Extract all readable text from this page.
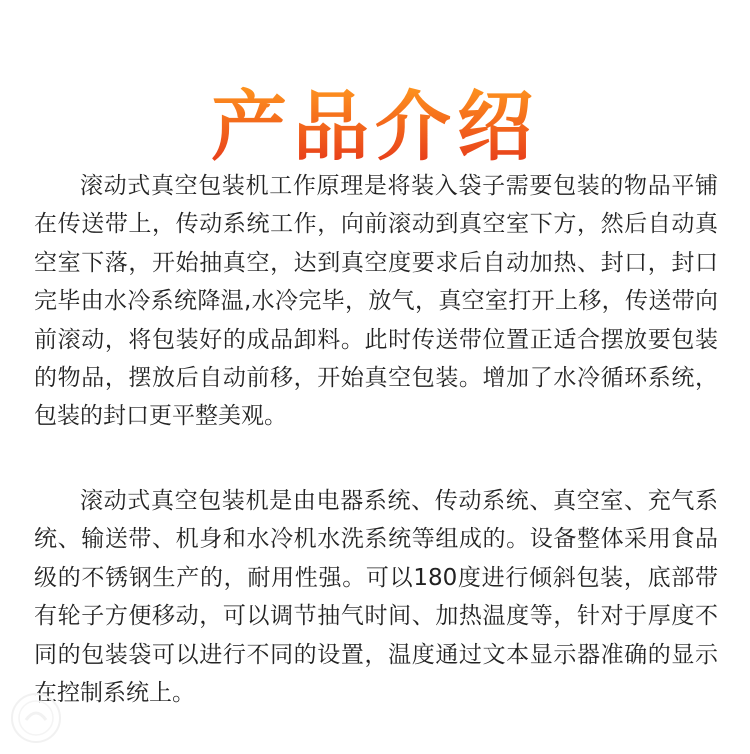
产品介绍

滚动式真空包装机工作原理是将装入袋子需要包装的物品平铺在传送带上，传动系统工作，向前滚动到真空室下方，然后自动真空室下落，开始抽真空，达到真空度要求后自动加热、封口，封口完毕由水冷系统降温,水冷完毕，放气，真空室打开上移，传送带向前滚动，将包装好的成品卸料。此时传送带位置正适合摆放要包装的物品，摆放后自动前移，开始真空包装。增加了水冷循环系统，包装的封口更平整美观。

滚动式真空包装机是由电器系统、传动系统、真空室、充气系统、输送带、机身和水冷机水洗系统等组成的。设备整体采用食品级的不锈钢生产的，耐用性强。可以180度进行倾斜包装，底部带有轮子方便移动，可以调节抽气时间、加热温度等，针对于厚度不同的包装袋可以进行不同的设置，温度通过文本显示器准确的显示在控制系统上。
